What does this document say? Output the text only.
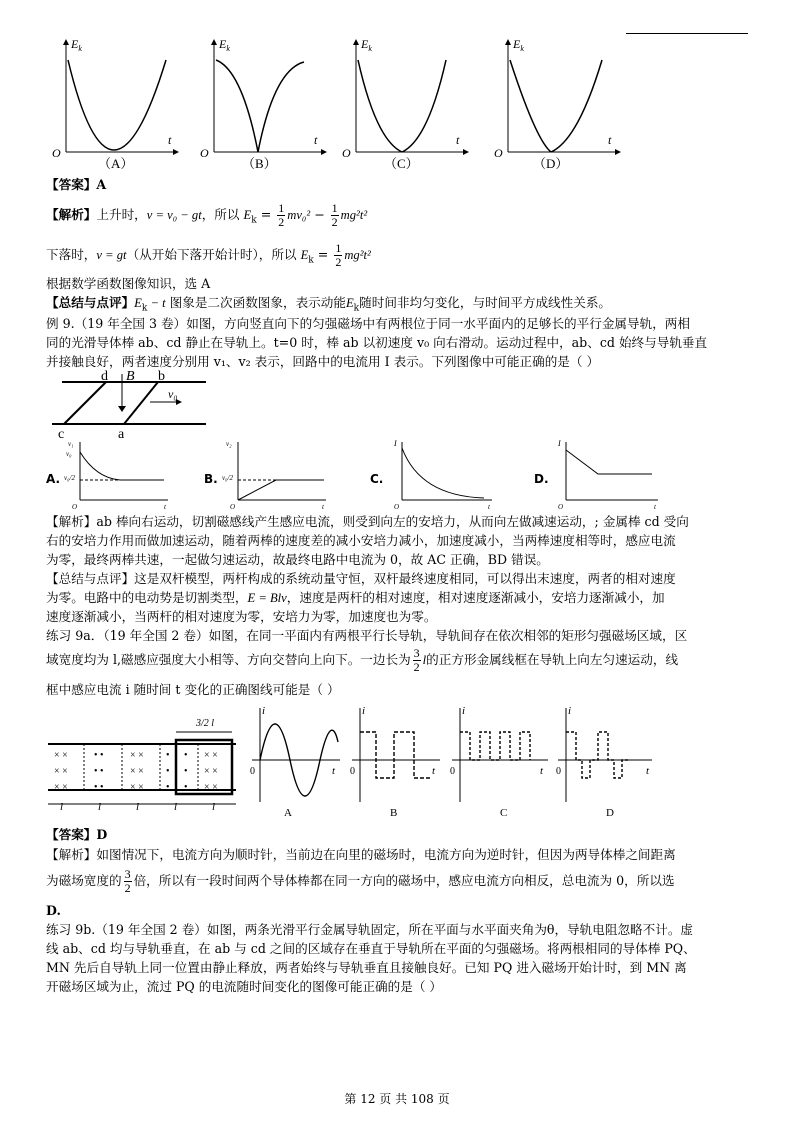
$E_k$
t
O
（A）
$E_k$
t
O
（B）
$E_k$
t
O
（C）
$E_k$
t
O
（D）
【答案】A
【解析】上升时，v = v₀ − gt，所以 $E_k = \frac{1}{2} mv_0^2 - \frac{1}{2} mg^2t^2$
下落时，v = gt（从开始下落开始计时），所以 $E_k = \frac{1}{2} mg^2t^2$
根据数学函数图像知识，选 A
【总结与点评】$E_k - t$ 图象是二次函数图象，表示动能$E_k$随时间非均匀变化，与时间平方成线性关系。
例 9.（19 年全国 3 卷）如图，方向竖直向下的匀强磁场中有两根位于同一水平面内的足够长的平行金属导轨，两相
同的光滑导体棒 ab、cd 静止在导轨上。t=0 时，棒 ab 以初速度 v₀ 向右滑动。运动过程中，ab、cd 始终与导轨垂直
并接触良好，两者速度分别用 v₁、v₂ 表示，回路中的电流用 I 表示。下列图像中可能正确的是（ ）
d	b
B
c	a
v₀
A.
v₁
v₀
v₀/2
t
O
B.
v₂
v₀/2
t
O
C.
I
t
O
D.
I
t
O
【解析】ab 棒向右运动，切割磁感线产生感应电流，则受到向左的安培力，从而向左做减速运动，; 金属棒 cd 受向
右的安培力作用而做加速运动，随着两棒的速度差的减小安培力减小，加速度减小，当两棒速度相等时，感应电流
为零，最终两棒共速，一起做匀速运动，故最终电路中电流为 0，故 AC 正确，BD 错误。
【总结与点评】这是双杆模型，两杆构成的系统动量守恒，双杆最终速度相同，可以得出末速度，两者的相对速度
为零。电路中的电动势是切割类型，E = Blv，速度是两杆的相对速度，相对速度逐渐减小，安培力逐渐减小，加
速度逐渐减小，当两杆的相对速度为零，安培力为零，加速度也为零。
练习 9a．（19 年全国 2 卷）如图，在同一平面内有两根平行长导轨，导轨间存在依次相邻的矩形匀强磁场区域，区
域宽度均为 l,磁感应强度大小相等、方向交替向上向下。一边长为 $\frac{3}{2}$ l的正方形金属线框在导轨上向左匀速运动，线
框中感应电流 i 随时间 t 变化的正确图线可能是（ ）
× ×
× ×
× ×
• •
• •
• •
× ×
× ×
× ×
•
•
•
•
•
•
× ×
× ×
× ×
3/2 l
l	l	l	l	l
i
t
0
A
i
t
0
B
i
t
0
C
i
t
0
D
【答案】D
【解析】如图情况下，电流方向为顺时针，当前边在向里的磁场时，电流方向为逆时针，但因为两导体棒之间距离
为磁场宽度的 $\frac{3}{2}$ 倍，所以有一段时间两个导体棒都在同一方向的磁场中，感应电流方向相反，总电流为 0，所以选
D.
练习 9b.（19 年全国 2 卷）如图，两条光滑平行金属导轨固定，所在平面与水平面夹角为θ，导轨电阻忽略不计。虚
线 ab、cd 均与导轨垂直，在 ab 与 cd 之间的区域存在垂直于导轨所在平面的匀强磁场。将两根相同的导体棒 PQ、
MN 先后自导轨上同一位置由静止释放，两者始终与导轨垂直且接触良好。已知 PQ 进入磁场开始计时，到 MN 离
开磁场区域为止，流过 PQ 的电流随时间变化的图像可能正确的是（ ）
第 12 页 共 108 页
